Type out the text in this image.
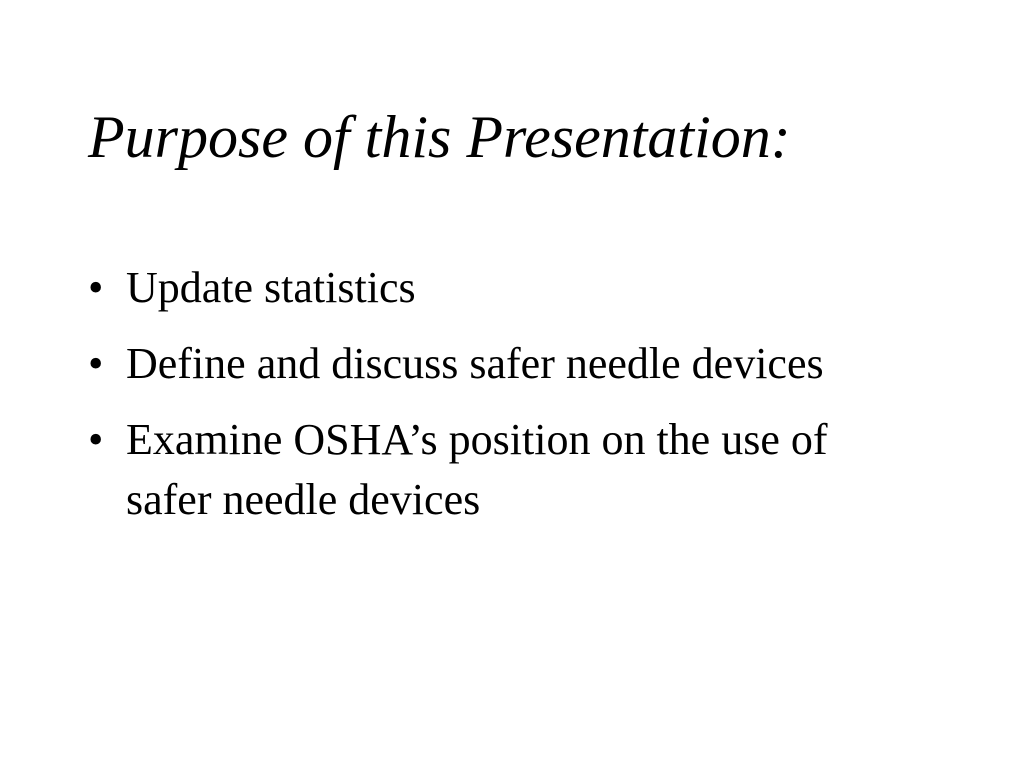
Purpose of this Presentation:
• Update statistics
• Define and discuss safer needle devices
• Examine OSHA’s position on the use of safer needle devices
